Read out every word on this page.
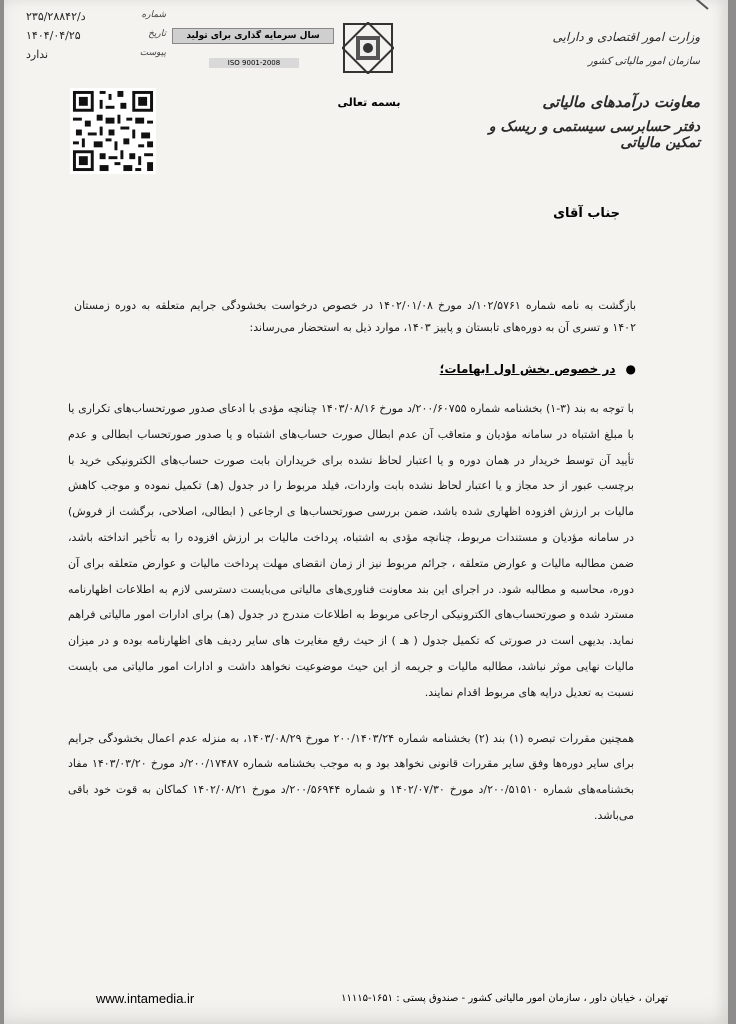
شماره
د/۲۳۵/۲۸۸۴۲
تاریخ
۱۴۰۴/۰۴/۲۵
پیوست
ندارد
سال سرمایه گذاری برای تولید
ISO 9001-2008
بسمه تعالی
وزارت امور اقتصادی و دارایی
سازمان امور مالیاتی کشور
معاونت درآمدهای مالیاتی
دفتر حسابرسی سیستمی و ریسک و تمکین مالیاتی
جناب آقای
بازگشت به نامه شماره ۱۰۲/۵۷۶۱/د مورخ ۱۴۰۲/۰۱/۰۸ در خصوص درخواست بخشودگی جرایم متعلقه به دوره زمستان ۱۴۰۲ و تسری آن به دوره‌های تابستان و پاییز ۱۴۰۳، موارد ذیل به استحضار می‌رساند:
●
در خصوص بخش اول ابهامات؛

با توجه به بند (۳-۱) بخشنامه شماره ۲۰۰/۶۰۷۵۵/د مورخ ۱۴۰۳/۰۸/۱۶ چنانچه مؤدی با ادعای صدور صورتحساب‌های تکراری یا با مبلغ اشتباه در سامانه مؤدیان و متعاقب آن عدم ابطال صورت حساب‌های اشتباه و یا صدور صورتحساب ابطالی و عدم تأیید آن توسط خریدار در همان دوره و یا اعتبار لحاظ نشده برای خریداران بابت صورت حساب‌های الکترونیکی خرید با برچسب عبور از حد مجاز و یا اعتبار لحاظ نشده بابت واردات، فیلد مربوط را در جدول (هـ) تکمیل نموده و موجب کاهش مالیات بر ارزش افزوده اظهاری شده باشد، ضمن بررسی صورتحساب‌ها ی ارجاعی ( ابطالی، اصلاحی، برگشت از فروش) در سامانه مؤدیان و مستندات مربوط، چنانچه مؤدی به اشتباه، پرداخت مالیات بر ارزش افزوده را به تأخیر انداخته باشد، ضمن مطالبه مالیات و عوارض متعلقه ، جرائم مربوط نیز از زمان انقضای مهلت پرداخت مالیات و عوارض متعلقه برای آن دوره، محاسبه و مطالبه شود. در اجرای این بند معاونت فناوری‌های مالیاتی می‌بایست دسترسی لازم به اطلاعات اظهارنامه مسترد شده و صورتحساب‌های الکترونیکی ارجاعی مربوط به اطلاعات مندرج در جدول (هـ) برای ادارات امور مالیاتی فراهم نماید. بدیهی است در صورتی که تکمیل جدول ( هـ ) از حیث رفع مغایرت های سایر ردیف های اظهارنامه بوده و در میزان مالیات نهایی موثر نباشد، مطالبه مالیات و جریمه از این حیث موضوعیت نخواهد داشت و ادارات امور مالیاتی می بایست نسبت به تعدیل درایه های مربوط اقدام نمایند.

همچنین مقررات تبصره (۱) بند (۲) بخشنامه شماره ۲۰۰/۱۴۰۳/۲۴ مورخ ۱۴۰۳/۰۸/۲۹، به منزله عدم اعمال بخشودگی جرایم برای سایر دوره‌ها وفق سایر مقررات قانونی نخواهد بود و به موجب بخشنامه شماره ۲۰۰/۱۷۴۸۷/د مورخ ۱۴۰۳/۰۳/۲۰ مفاد بخشنامه‌های شماره ۲۰۰/۵۱۵۱۰/د مورخ ۱۴۰۲/۰۷/۳۰ و شماره ۲۰۰/۵۶۹۴۴/د مورخ ۱۴۰۲/۰۸/۲۱ کماکان به قوت خود باقی می‌باشد.

www.intamedia.ir	تهران ، خیابان داور ، سازمان امور مالیاتی کشور - صندوق پستی : ۱۶۵۱-۱۱۱۱۵
